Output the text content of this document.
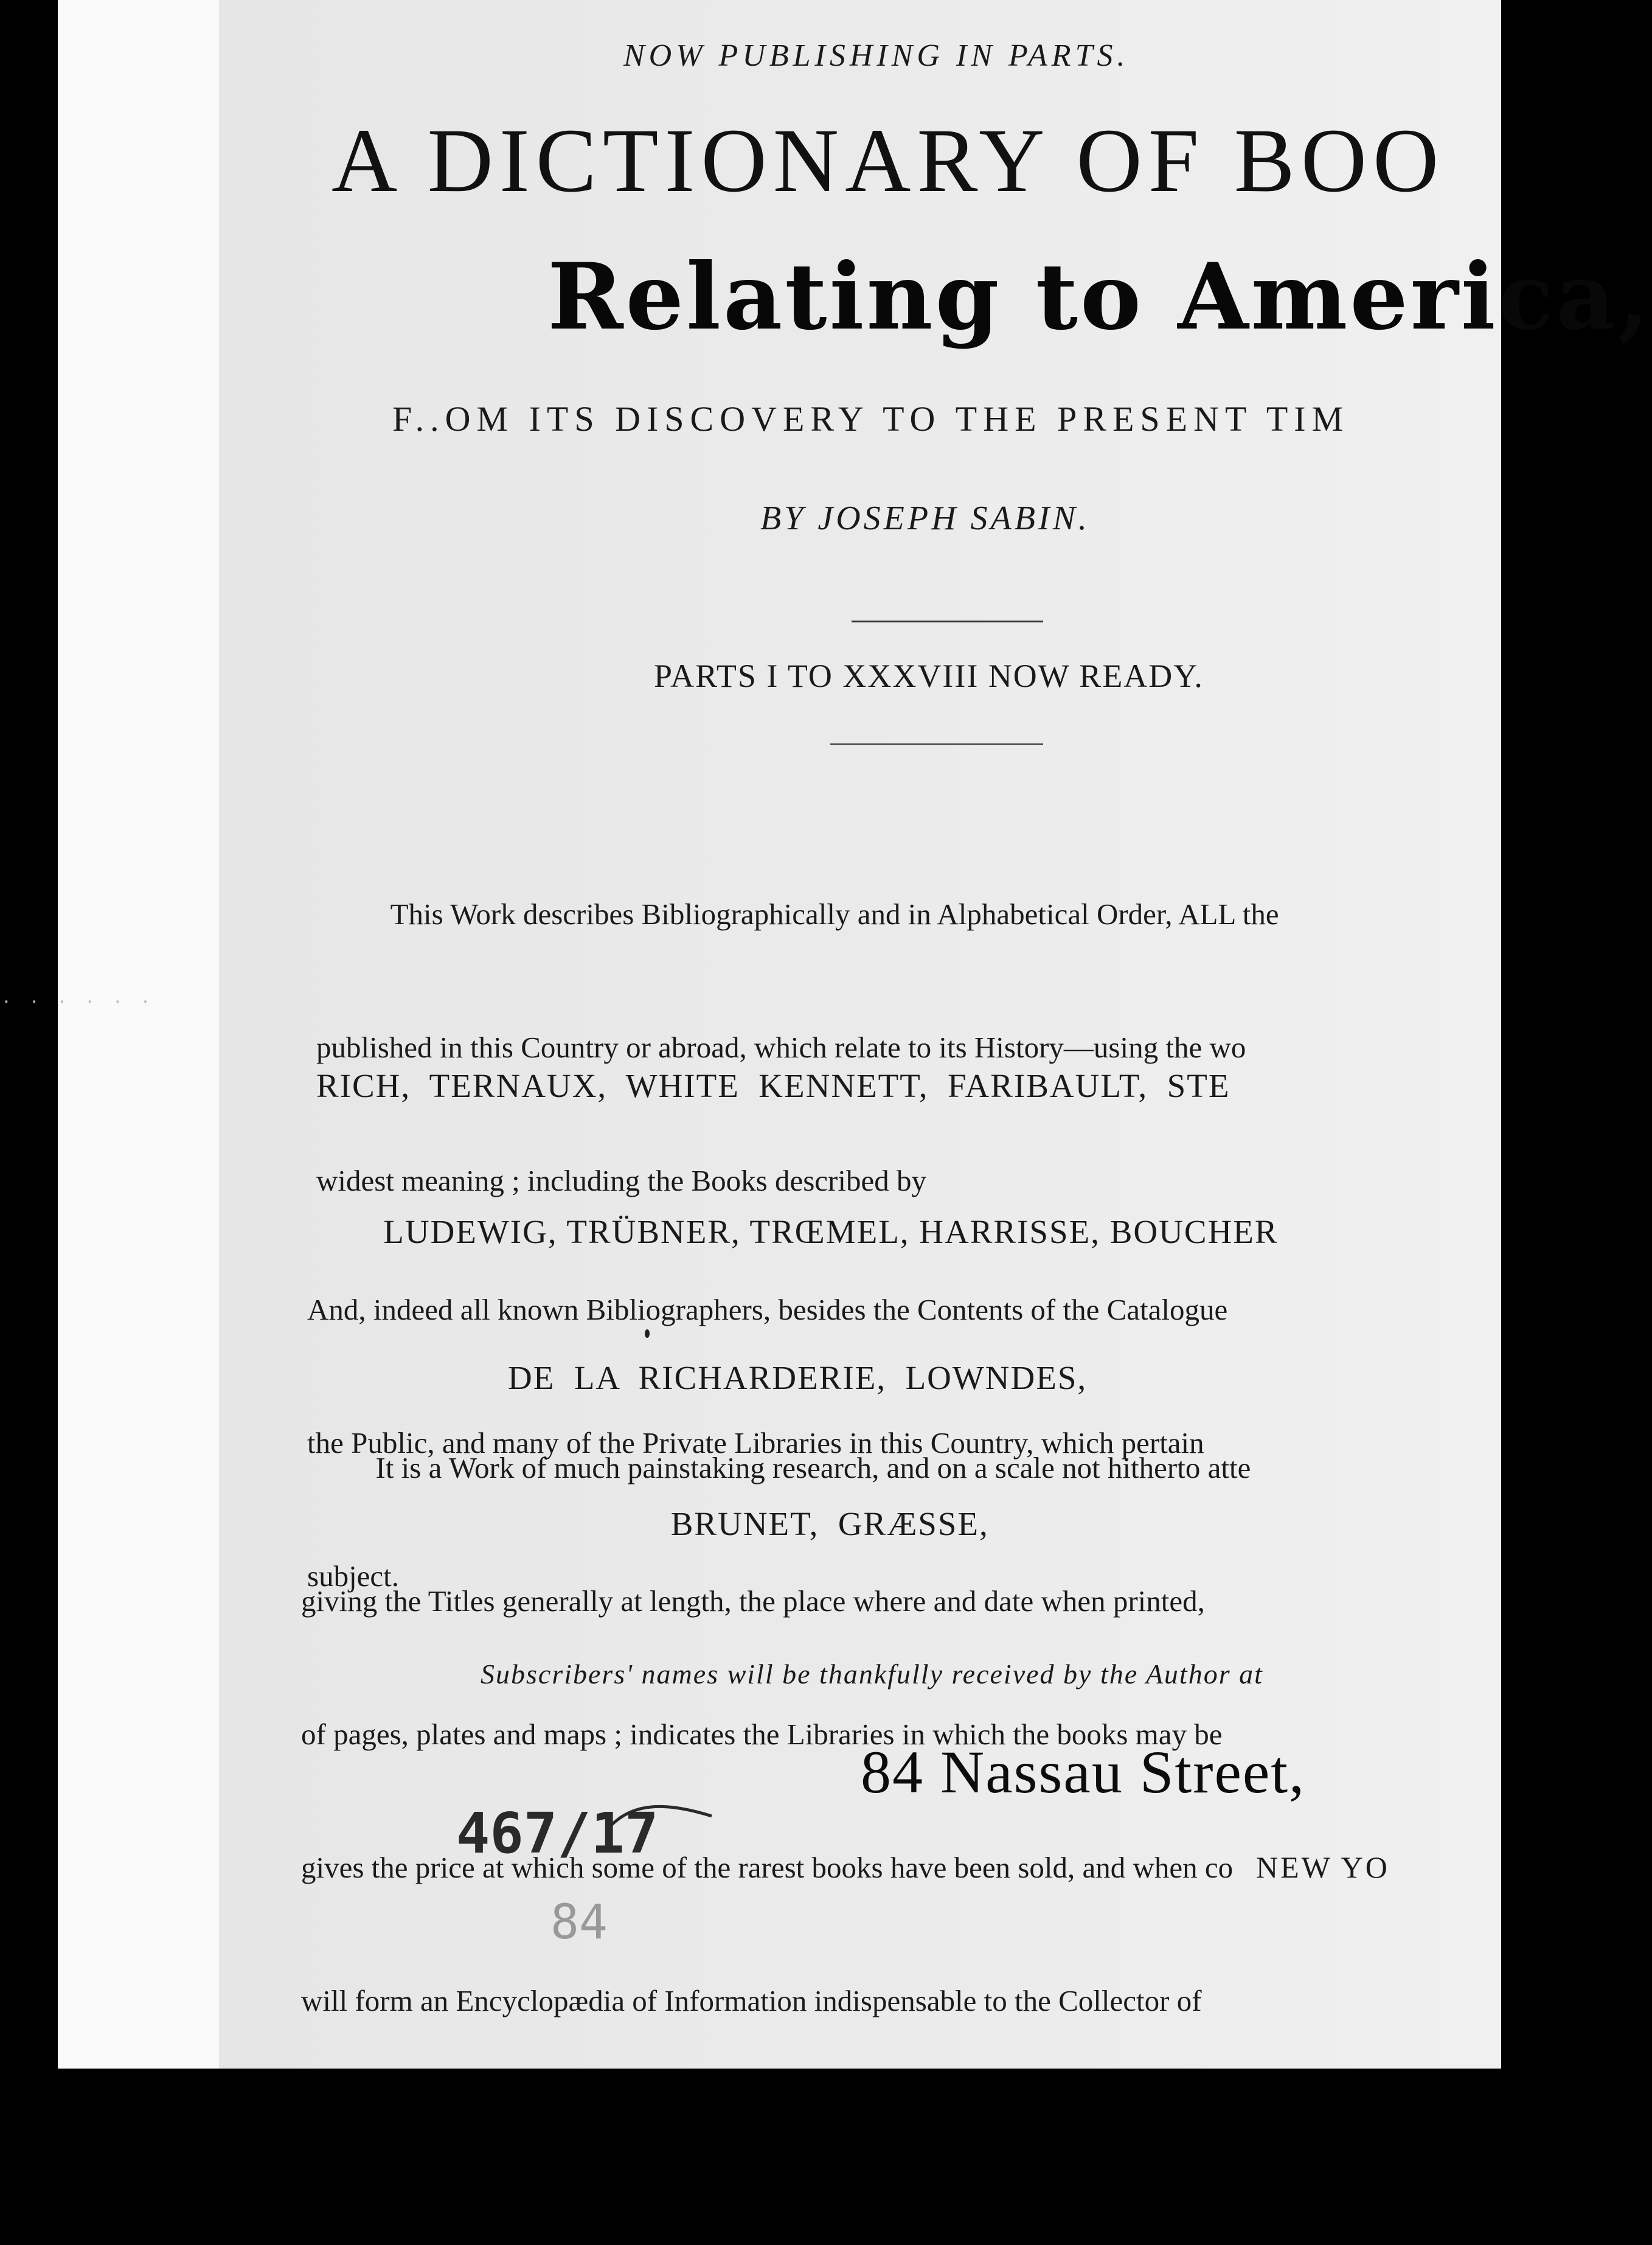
· · · · · ·
NOW PUBLISHING IN PARTS.
A DICTIONARY OF BOO
Relating to America,
F..OM ITS DISCOVERY TO THE PRESENT TIM
BY JOSEPH SABIN.
PARTS I TO XXXVIII NOW READY.

This Work describes Bibliographically and in Alphabetical Order, ALL the

published in this Country or abroad, which relate to its History—using the wo

widest meaning ; including the Books described by

RICH,  TERNAUX,  WHITE  KENNETT,  FARIBAULT,  STE

LUDEWIG, TRÜBNER, TRŒMEL, HARRISSE, BOUCHER

DE  LA  RICHARDERIE,  LOWNDES,

BRUNET,  GRÆSSE,

And, indeed all known Bibliographers, besides the Contents of the Catalogue

the Public, and many of the Private Libraries in this Country, which pertain

subject.

It is a Work of much painstaking research, and on a scale not hitherto atte

giving the Titles generally at length, the place where and date when printed,

of pages, plates and maps ; indicates the Libraries in which the books may be

gives the price at which some of the rarest books have been sold, and when co

will form an Encyclopædia of Information indispensable to the Collector of

Subscribers' names will be thankfully received by the Author at
84 Nassau Street,
NEW YO
467/17
84
